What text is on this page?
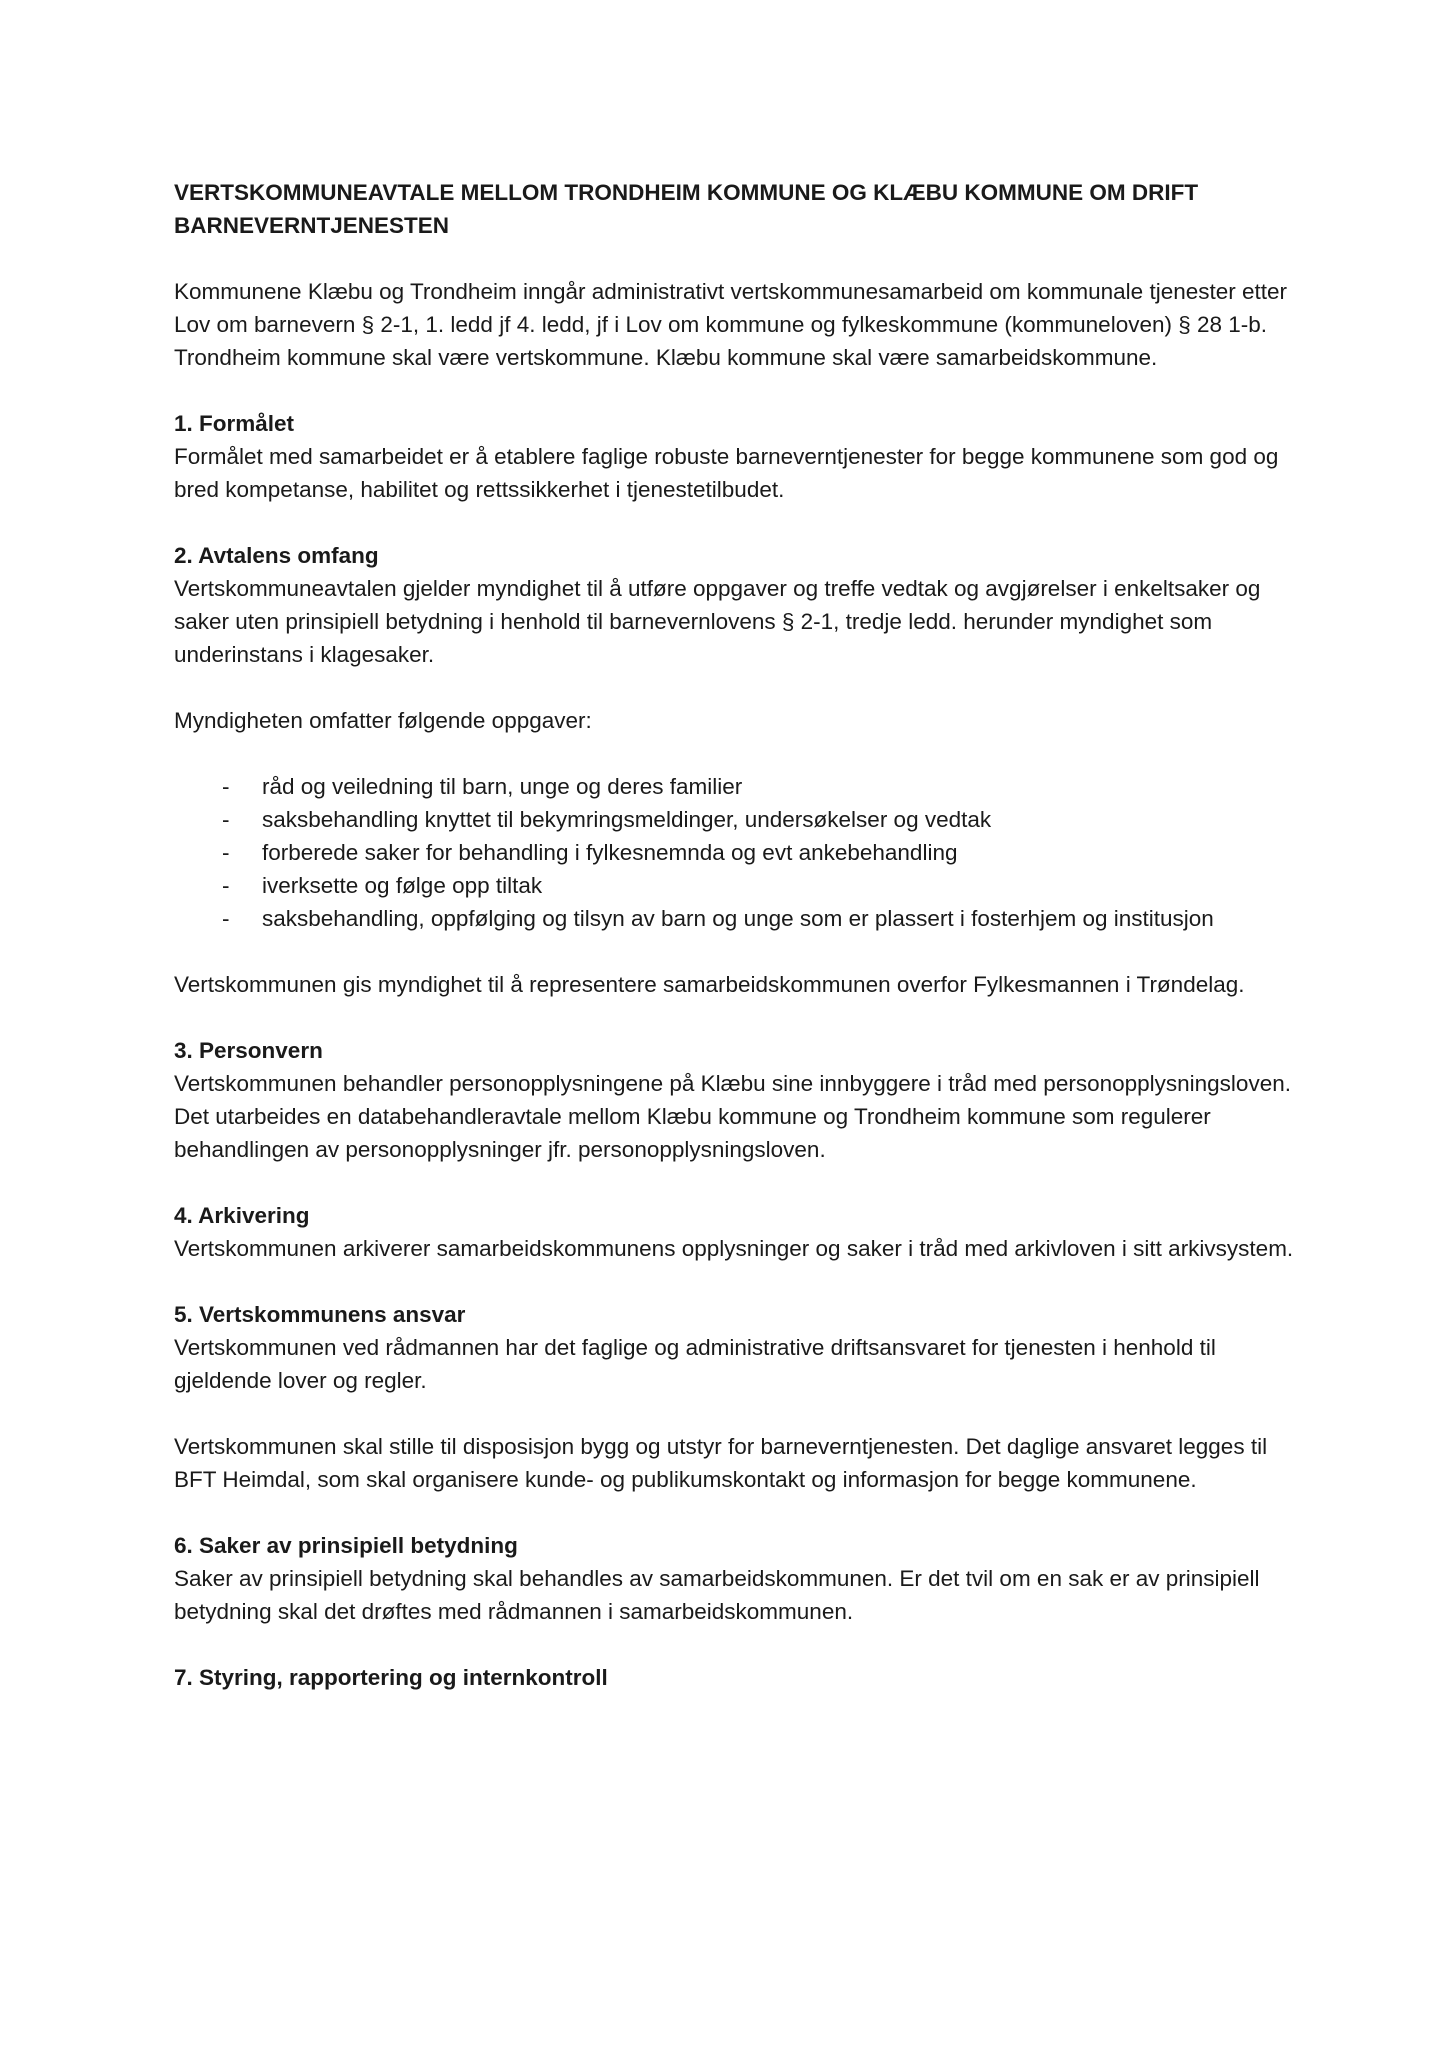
VERTSKOMMUNEAVTALE MELLOM TRONDHEIM KOMMUNE OG KLÆBU KOMMUNE OM DRIFT BARNEVERNTJENESTEN

Kommunene Klæbu og Trondheim inngår administrativt vertskommunesamarbeid om kommunale tjenester etter Lov om barnevern § 2-1, 1. ledd jf 4. ledd, jf i Lov om kommune og fylkeskommune (kommuneloven) § 28 1-b. Trondheim kommune skal være vertskommune. Klæbu kommune skal være samarbeidskommune.

1. Formålet

Formålet med samarbeidet er å etablere faglige robuste barneverntjenester for begge kommunene som god og bred kompetanse, habilitet og rettssikkerhet i tjenestetilbudet.

2. Avtalens omfang

Vertskommuneavtalen gjelder myndighet til å utføre oppgaver og treffe vedtak og avgjørelser i enkeltsaker og saker uten prinsipiell betydning i henhold til barnevernlovens § 2-1, tredje ledd. herunder myndighet som underinstans i klagesaker.

Myndigheten omfatter følgende oppgaver:

- råd og veiledning til barn, unge og deres familier
- saksbehandling knyttet til bekymringsmeldinger, undersøkelser og vedtak
- forberede saker for behandling i fylkesnemnda og evt ankebehandling
- iverksette og følge opp tiltak
- saksbehandling, oppfølging og tilsyn av barn og unge som er plassert i fosterhjem og institusjon

Vertskommunen gis myndighet til å representere samarbeidskommunen overfor Fylkesmannen i Trøndelag.

3. Personvern

Vertskommunen behandler personopplysningene på Klæbu sine innbyggere i tråd med personopplysningsloven. Det utarbeides en databehandleravtale mellom Klæbu kommune og Trondheim kommune som regulerer behandlingen av personopplysninger jfr. personopplysningsloven.

4. Arkivering

Vertskommunen arkiverer samarbeidskommunens opplysninger og saker i tråd med arkivloven i sitt arkivsystem.

5. Vertskommunens ansvar

Vertskommunen ved rådmannen har det faglige og administrative driftsansvaret for tjenesten i henhold til gjeldende lover og regler.

Vertskommunen skal stille til disposisjon bygg og utstyr for barneverntjenesten. Det daglige ansvaret legges til BFT Heimdal, som skal organisere kunde- og publikumskontakt og informasjon for begge kommunene.

6. Saker av prinsipiell betydning

Saker av prinsipiell betydning skal behandles av samarbeidskommunen. Er det tvil om en sak er av prinsipiell betydning skal det drøftes med rådmannen i samarbeidskommunen.

7. Styring, rapportering og internkontroll
